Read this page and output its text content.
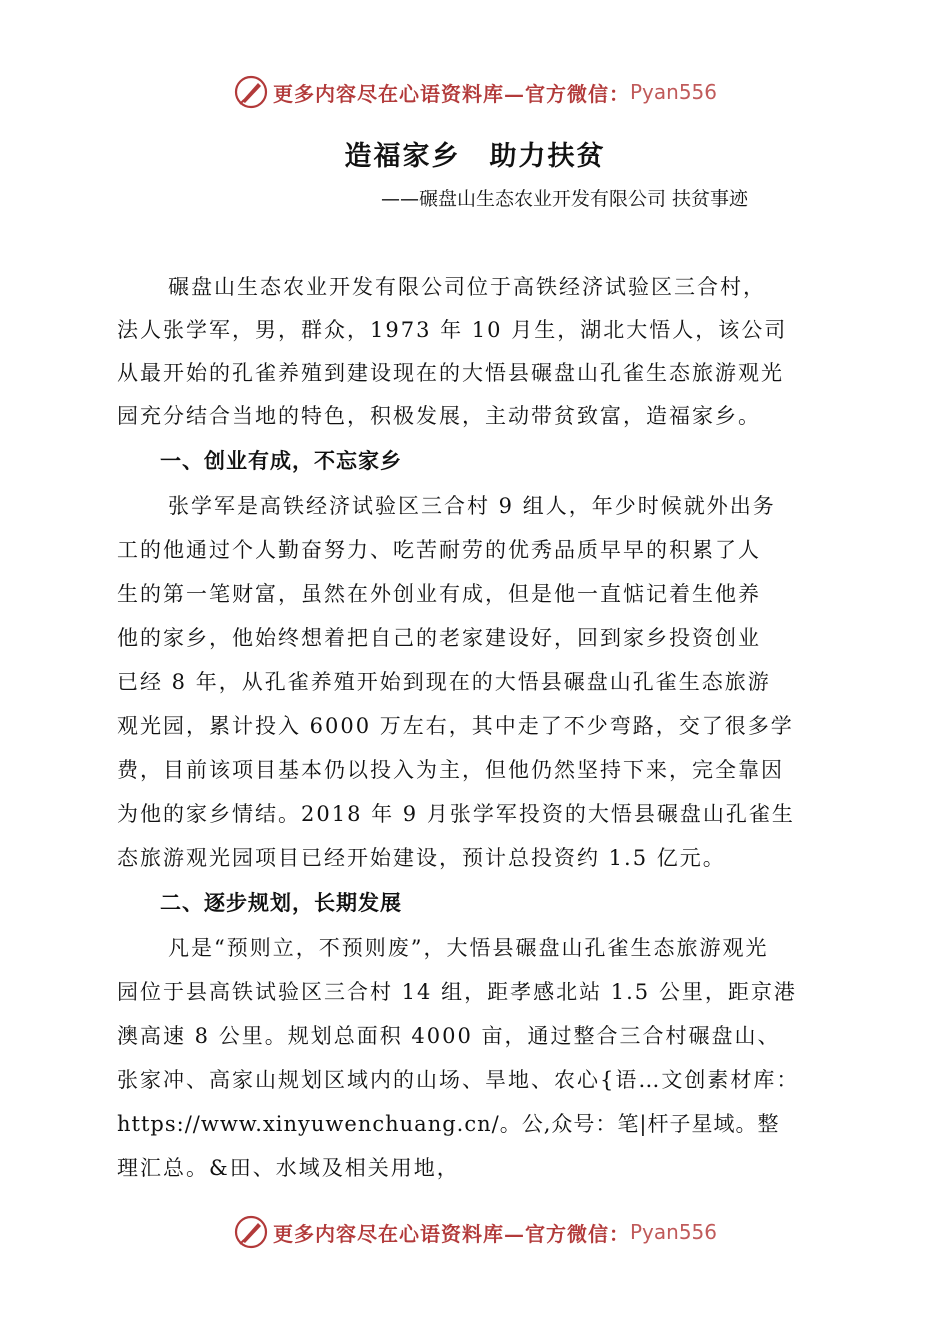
更多内容尽在心语资料库—官方微信： Pyan556
造福家乡　助力扶贫
——碾盘山生态农业开发有限公司 扶贫事迹
碾盘山生态农业开发有限公司位于高铁经济试验区三合村，
法人张学军，男，群众，1973 年 10 月生，湖北大悟人，该公司
从最开始的孔雀养殖到建设现在的大悟县碾盘山孔雀生态旅游观光
园充分结合当地的特色，积极发展，主动带贫致富，造福家乡。
一、创业有成，不忘家乡
张学军是高铁经济试验区三合村 9 组人，年少时候就外出务
工的他通过个人勤奋努力、吃苦耐劳的优秀品质早早的积累了人
生的第一笔财富，虽然在外创业有成，但是他一直惦记着生他养
他的家乡，他始终想着把自己的老家建设好，回到家乡投资创业
已经 8 年，从孔雀养殖开始到现在的大悟县碾盘山孔雀生态旅游
观光园，累计投入 6000 万左右，其中走了不少弯路，交了很多学
费，目前该项目基本仍以投入为主，但他仍然坚持下来，完全靠因
为他的家乡情结。2018 年 9 月张学军投资的大悟县碾盘山孔雀生
态旅游观光园项目已经开始建设，预计总投资约 1.5 亿元。
二、逐步规划，长期发展
凡是“预则立，不预则废”，大悟县碾盘山孔雀生态旅游观光
园位于县高铁试验区三合村 14 组，距孝感北站 1.5 公里，距京港
澳高速 8 公里。规划总面积 4000 亩，通过整合三合村碾盘山、
张家冲、高家山规划区域内的山场、旱地、农心{语…文创素材库：
https://www.xinyuwenchuang.cn/。公,众号：笔|杆子星域。整
理汇总。&田、水域及相关用地，
更多内容尽在心语资料库—官方微信： Pyan556
